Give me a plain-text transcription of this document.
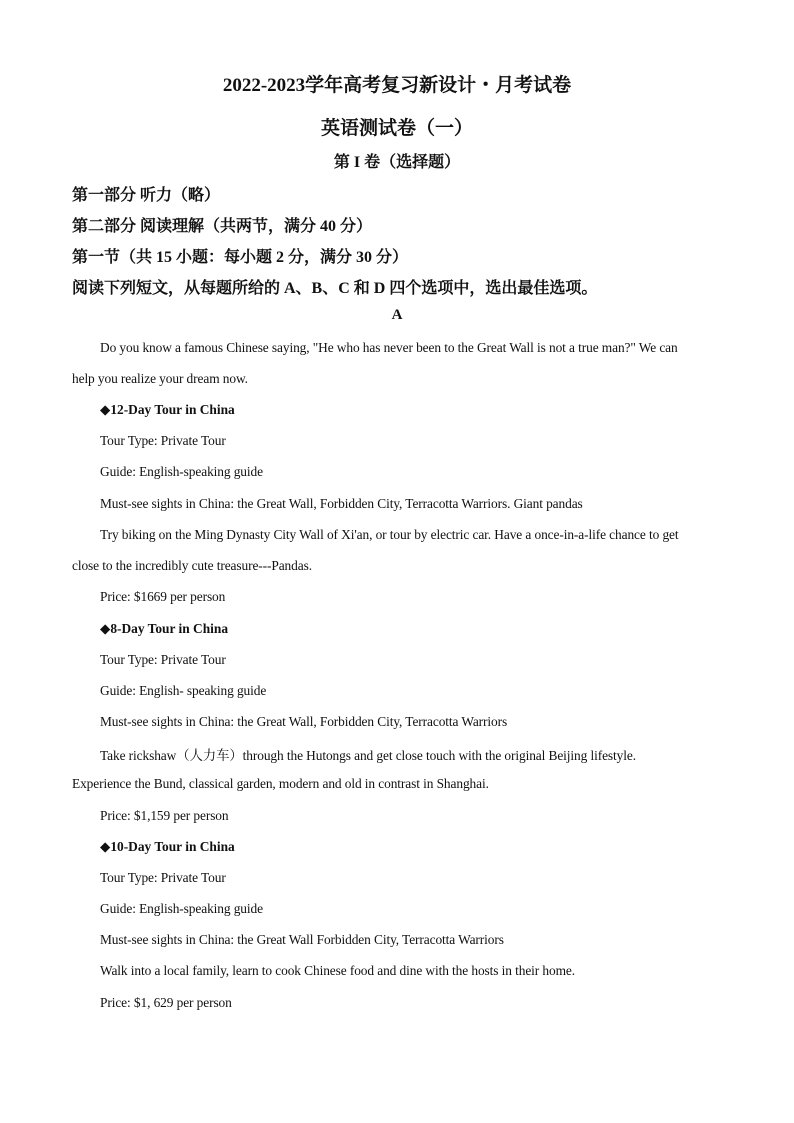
2022-2023学年高考复习新设计・月考试卷
英语测试卷（一）
第 I 卷（选择题）
第一部分 听力（略）
第二部分 阅读理解（共两节，满分 40 分）
第一节（共 15 小题：每小题 2 分，满分 30 分）
阅读下列短文，从每题所给的 A、B、C 和 D 四个选项中，选出最佳选项。
A
Do you know a famous Chinese saying, "He who has never been to the Great Wall is not a true man?" We can
help you realize your dream now.
◆12-Day Tour in China
Tour Type: Private Tour
Guide: English-speaking guide
Must-see sights in China: the Great Wall, Forbidden City, Terracotta Warriors. Giant pandas
Try biking on the Ming Dynasty City Wall of Xi'an, or tour by electric car. Have a once-in-a-life chance to get
close to the incredibly cute treasure---Pandas.
Price: $1669 per person
◆8-Day Tour in China
Tour Type: Private Tour
Guide: English- speaking guide
Must-see sights in China: the Great Wall, Forbidden City, Terracotta Warriors
Take rickshaw（人力车）through the Hutongs and get close touch with the original Beijing lifestyle.
Experience the Bund, classical garden, modern and old in contrast in Shanghai.
Price: $1,159 per person
◆10-Day Tour in China
Tour Type: Private Tour
Guide: English-speaking guide
Must-see sights in China: the Great Wall Forbidden City, Terracotta Warriors
Walk into a local family, learn to cook Chinese food and dine with the hosts in their home.
Price: $1, 629 per person
